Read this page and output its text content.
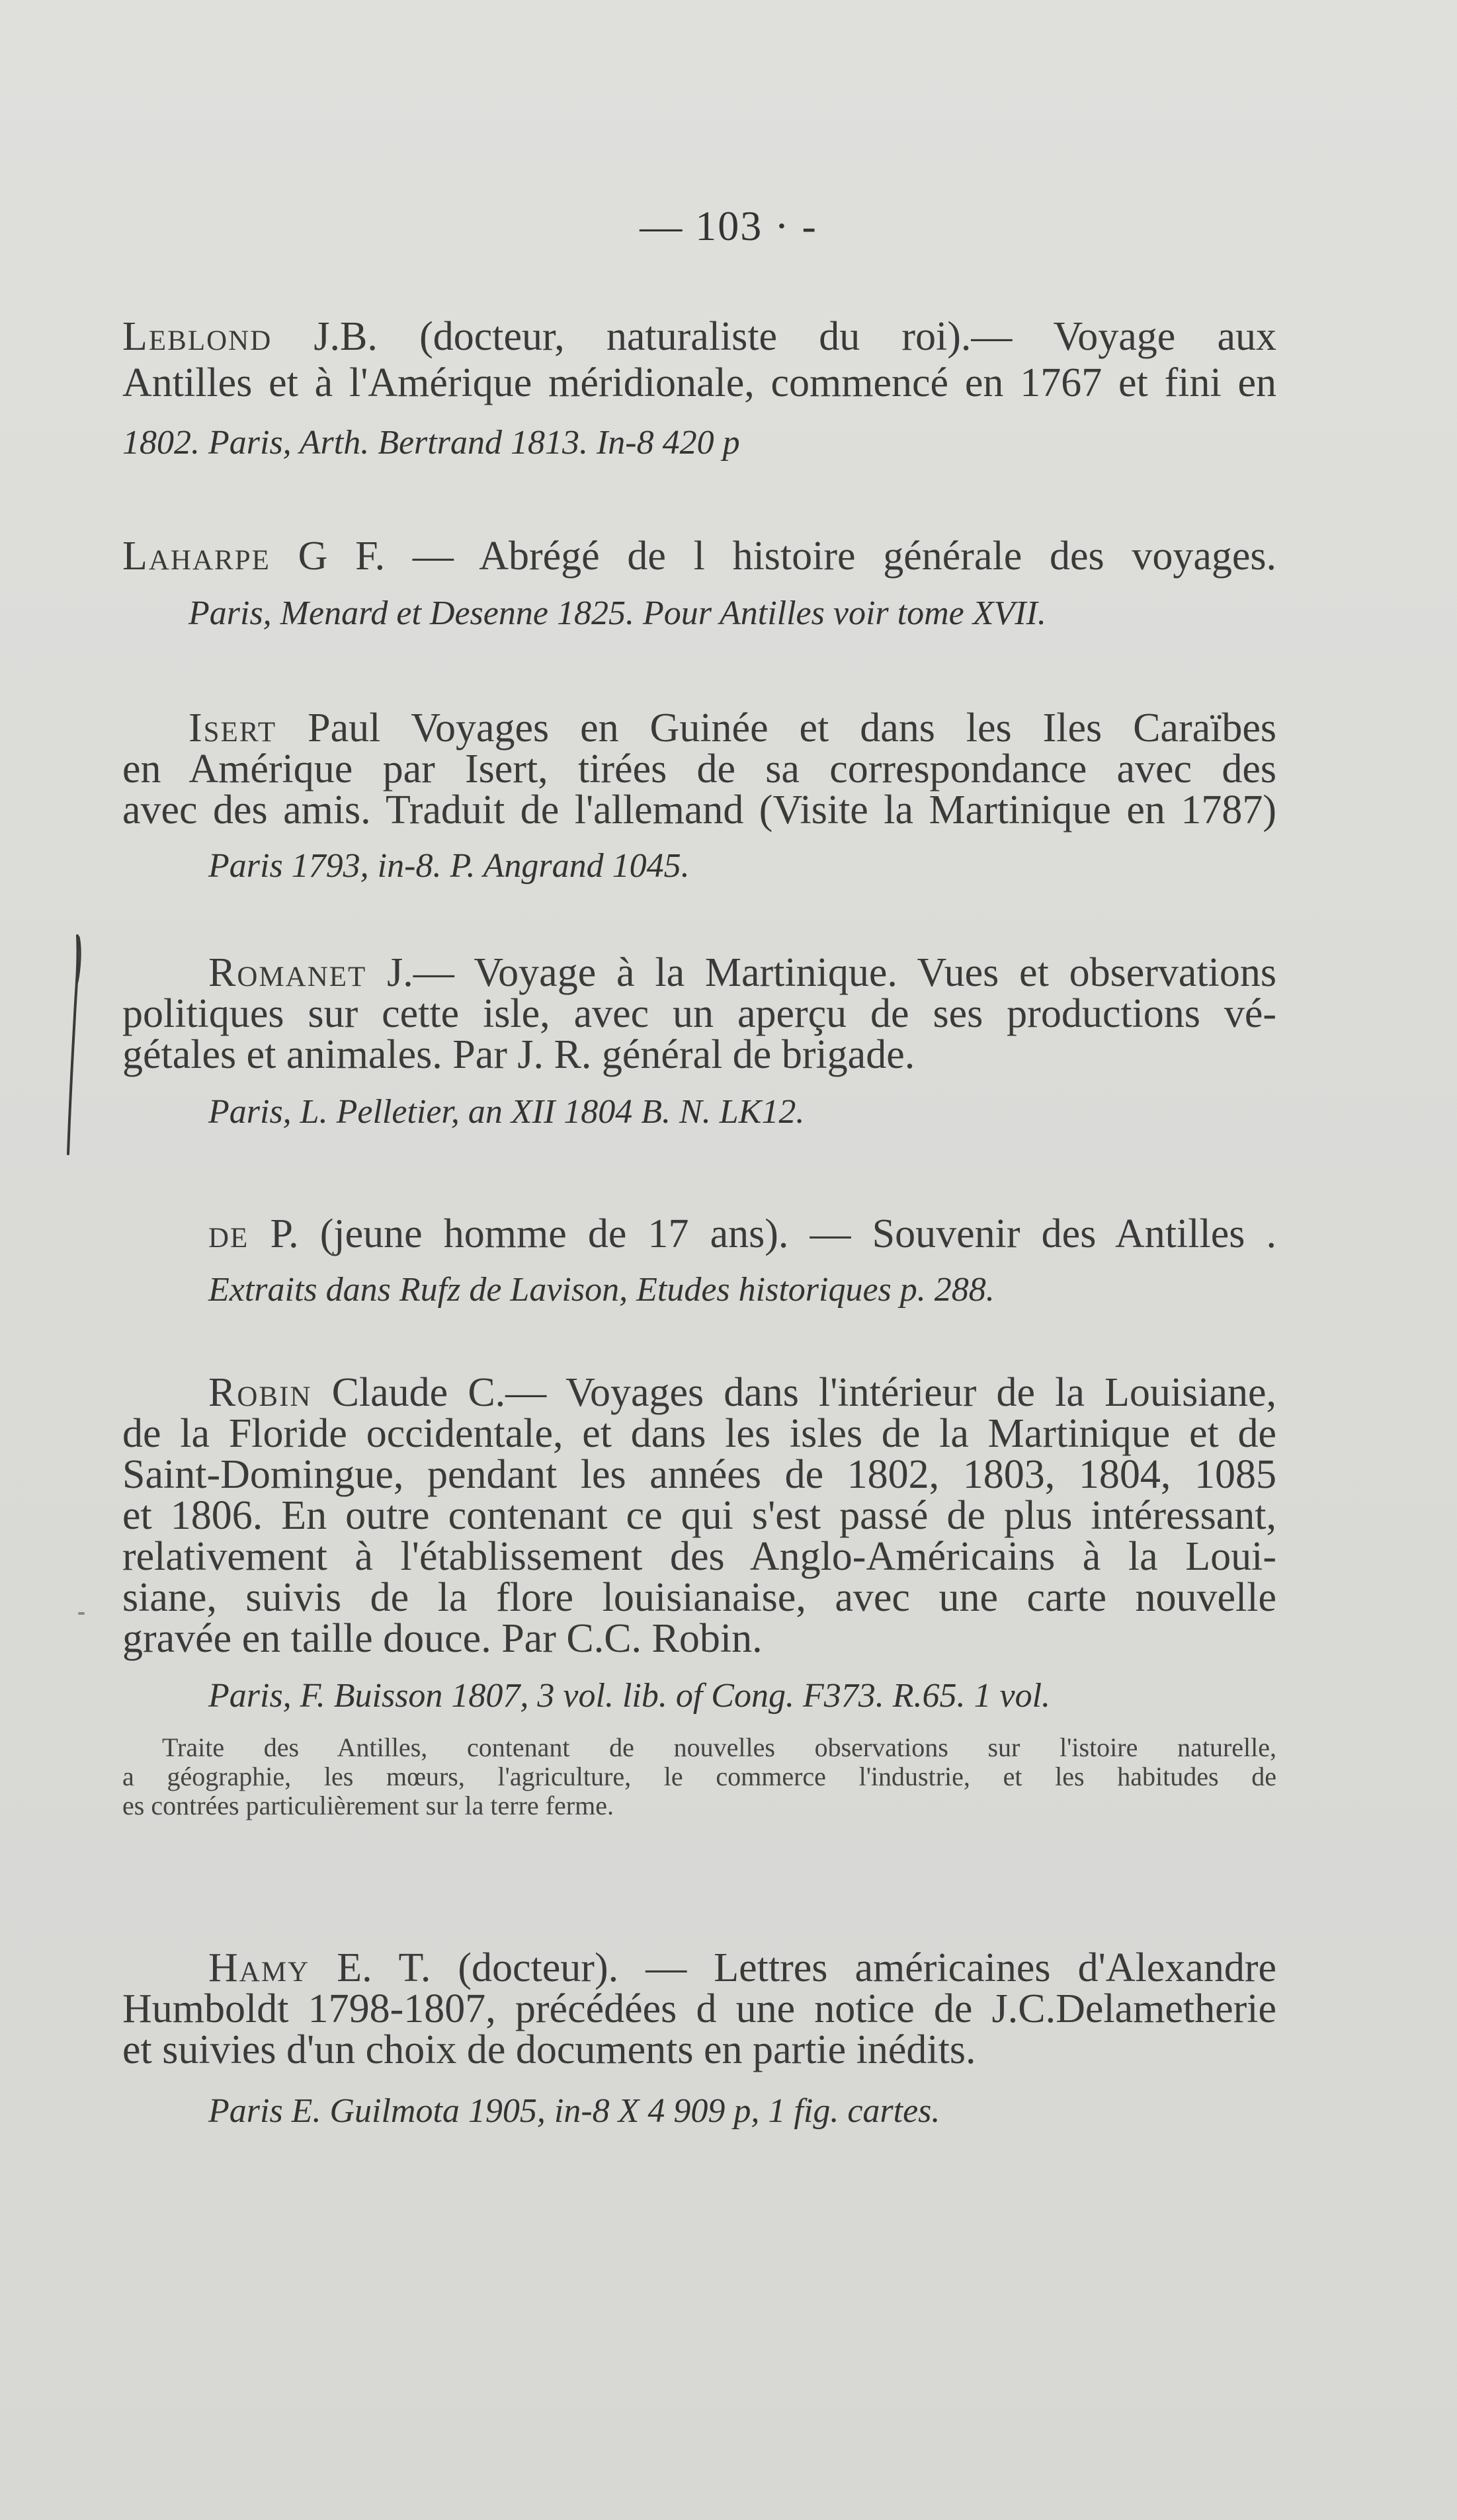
— 103 · -
Leblond J.B. (docteur, naturaliste du roi).— Voyage aux
Antilles et à l'Amérique méridionale, commencé en 1767 et fini en
1802. Paris, Arth. Bertrand 1813. In-8 420 p
Laharpe G F. — Abrégé de l histoire générale des voyages.
Paris, Menard et Desenne 1825. Pour Antilles voir tome XVII.
Isert Paul Voyages en Guinée et dans les Iles Caraïbes
en Amérique par Isert, tirées de sa correspondance avec des
avec des amis. Traduit de l'allemand (Visite la Martinique en 1787)
Paris 1793, in-8. P. Angrand 1045.
Romanet J.— Voyage à la Martinique. Vues et observations
politiques sur cette isle, avec un aperçu de ses productions vé-
gétales et animales. Par J. R. général de brigade.
Paris, L. Pelletier, an XII 1804 B. N. LK12.
de P. (jeune homme de 17 ans). — Souvenir des Antilles .
Extraits dans Rufz de Lavison, Etudes historiques p. 288.
Robin Claude C.— Voyages dans l'intérieur de la Louisiane,
de la Floride occidentale, et dans les isles de la Martinique et de
Saint-Domingue, pendant les années de 1802, 1803, 1804, 1085
et 1806. En outre contenant ce qui s'est passé de plus intéressant,
relativement à l'établissement des Anglo-Américains à la Loui-
siane, suivis de la flore louisianaise, avec une carte nouvelle
gravée en taille douce. Par C.C. Robin.
Paris, F. Buisson 1807, 3 vol. lib. of Cong. F373. R.65. 1 vol.
Traite des Antilles, contenant de nouvelles observations sur l'istoire naturelle,
a géographie, les mœurs, l'agriculture, le commerce l'industrie, et les habitudes de
es contrées particulièrement sur la terre ferme.
Hamy E. T. (docteur). — Lettres américaines d'Alexandre
Humboldt 1798-1807, précédées d une notice de J.C.Delametherie
et suivies d'un choix de documents en partie inédits.
Paris E. Guilmota 1905, in-8 X 4 909 p, 1 fig. cartes.
